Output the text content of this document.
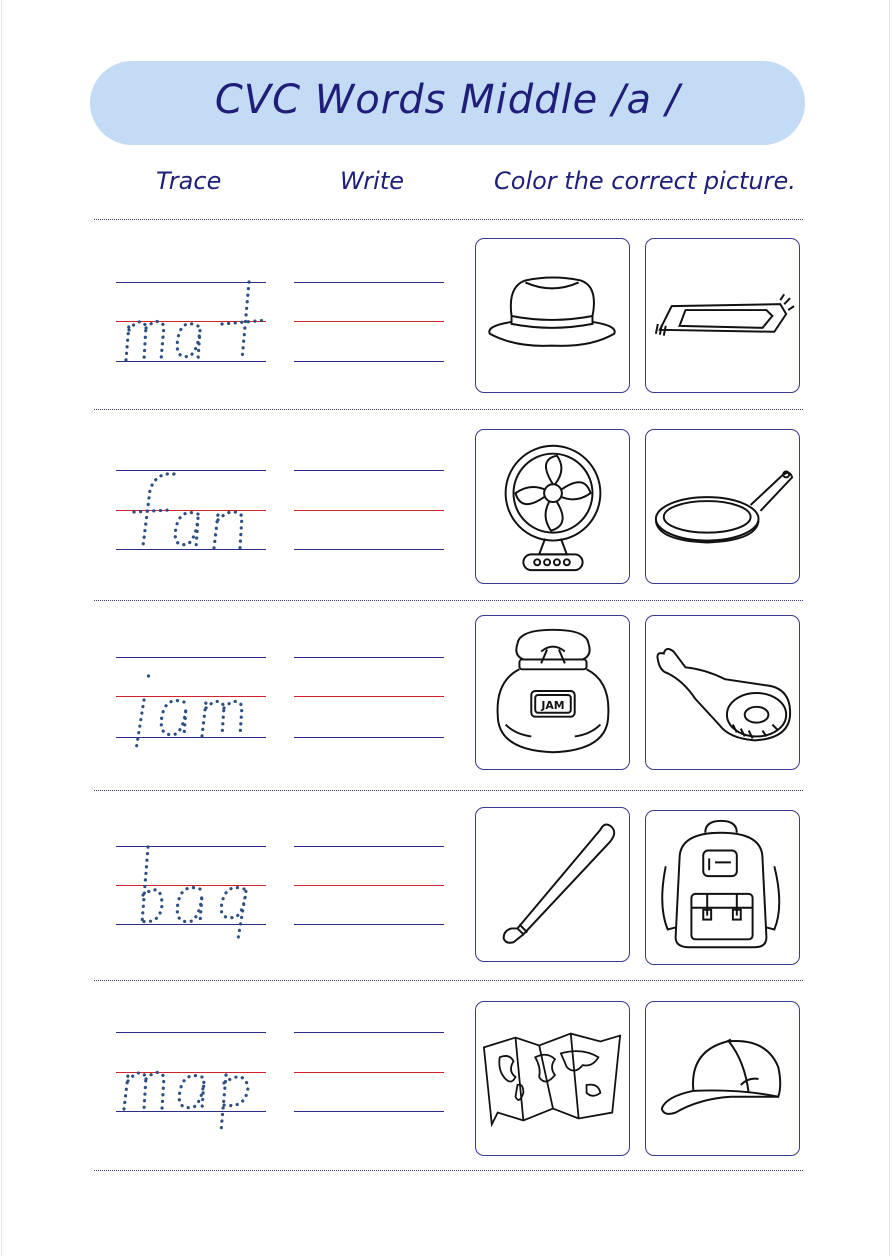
CVC Words Middle /a /
Trace	Write	Color the correct picture.
JAM
